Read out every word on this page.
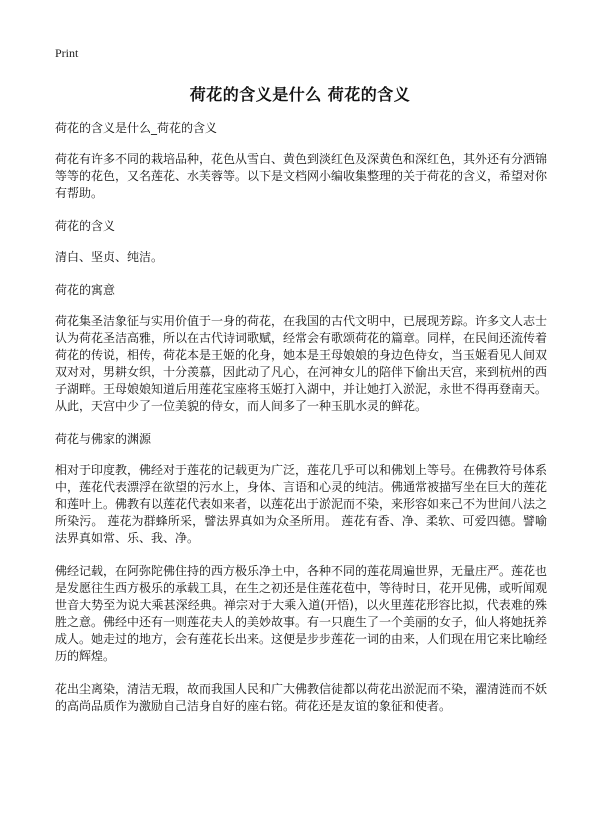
Print
荷花的含义是什么 荷花的含义

荷花的含义是什么_荷花的含义

荷花有许多不同的栽培品种，花色从雪白、黄色到淡红色及深黄色和深红色，其外还有分洒锦等等的花色，又名莲花、水芙蓉等。以下是文档网小编收集整理的关于荷花的含义，希望对你有帮助。

荷花的含义

清白、坚贞、纯洁。

荷花的寓意

荷花集圣洁象征与实用价值于一身的荷花，在我国的古代文明中，已展现芳踪。许多文人志士认为荷花圣洁高雅，所以在古代诗词歌赋，经常会有歌颂荷花的篇章。同样，在民间还流传着荷花的传说，相传，荷花本是王姬的化身，她本是王母娘娘的身边色侍女，当玉姬看见人间双双对对，男耕女织，十分羡慕，因此动了凡心，在河神女儿的陪伴下偷出天宫，来到杭州的西子湖畔。王母娘娘知道后用莲花宝座将玉姬打入湖中，并让她打入淤泥，永世不得再登南天。从此，天宫中少了一位美貌的侍女，而人间多了一种玉肌水灵的鲜花。

荷花与佛家的渊源

相对于印度教，佛经对于莲花的记载更为广泛，莲花几乎可以和佛划上等号。在佛教符号体系中，莲花代表漂浮在欲望的污水上，身体、言语和心灵的纯洁。佛通常被描写坐在巨大的莲花和莲叶上。佛教有以莲花代表如来者，以莲花出于淤泥而不染，来形容如来己不为世间八法之所染污。 莲花为群蜂所采，譬法界真如为众圣所用。 莲花有香、净、柔软、可爱四德。譬喻法界真如常、乐、我、净。

佛经记载，在阿弥陀佛住持的西方极乐净土中，各种不同的莲花周遍世界，无量庄严。莲花也是发愿往生西方极乐的承载工具，在生之初还是住莲花苞中，等待时日，花开见佛，或听闻观世音大势至为说大乘甚深经典。禅宗对于大乘入道(开悟)，以火里莲花形容比拟，代表难的殊胜之意。佛经中还有一则莲花夫人的美妙故事。有一只鹿生了一个美丽的女子，仙人将她抚养成人。她走过的地方，会有莲花长出来。这便是步步莲花一词的由来，人们现在用它来比喻经历的辉煌。

花出尘离染，清洁无瑕，故而我国人民和广大佛教信徒都以荷花出淤泥而不染，濯清涟而不妖的高尚品质作为激励自己洁身自好的座右铭。荷花还是友谊的象征和使者。
